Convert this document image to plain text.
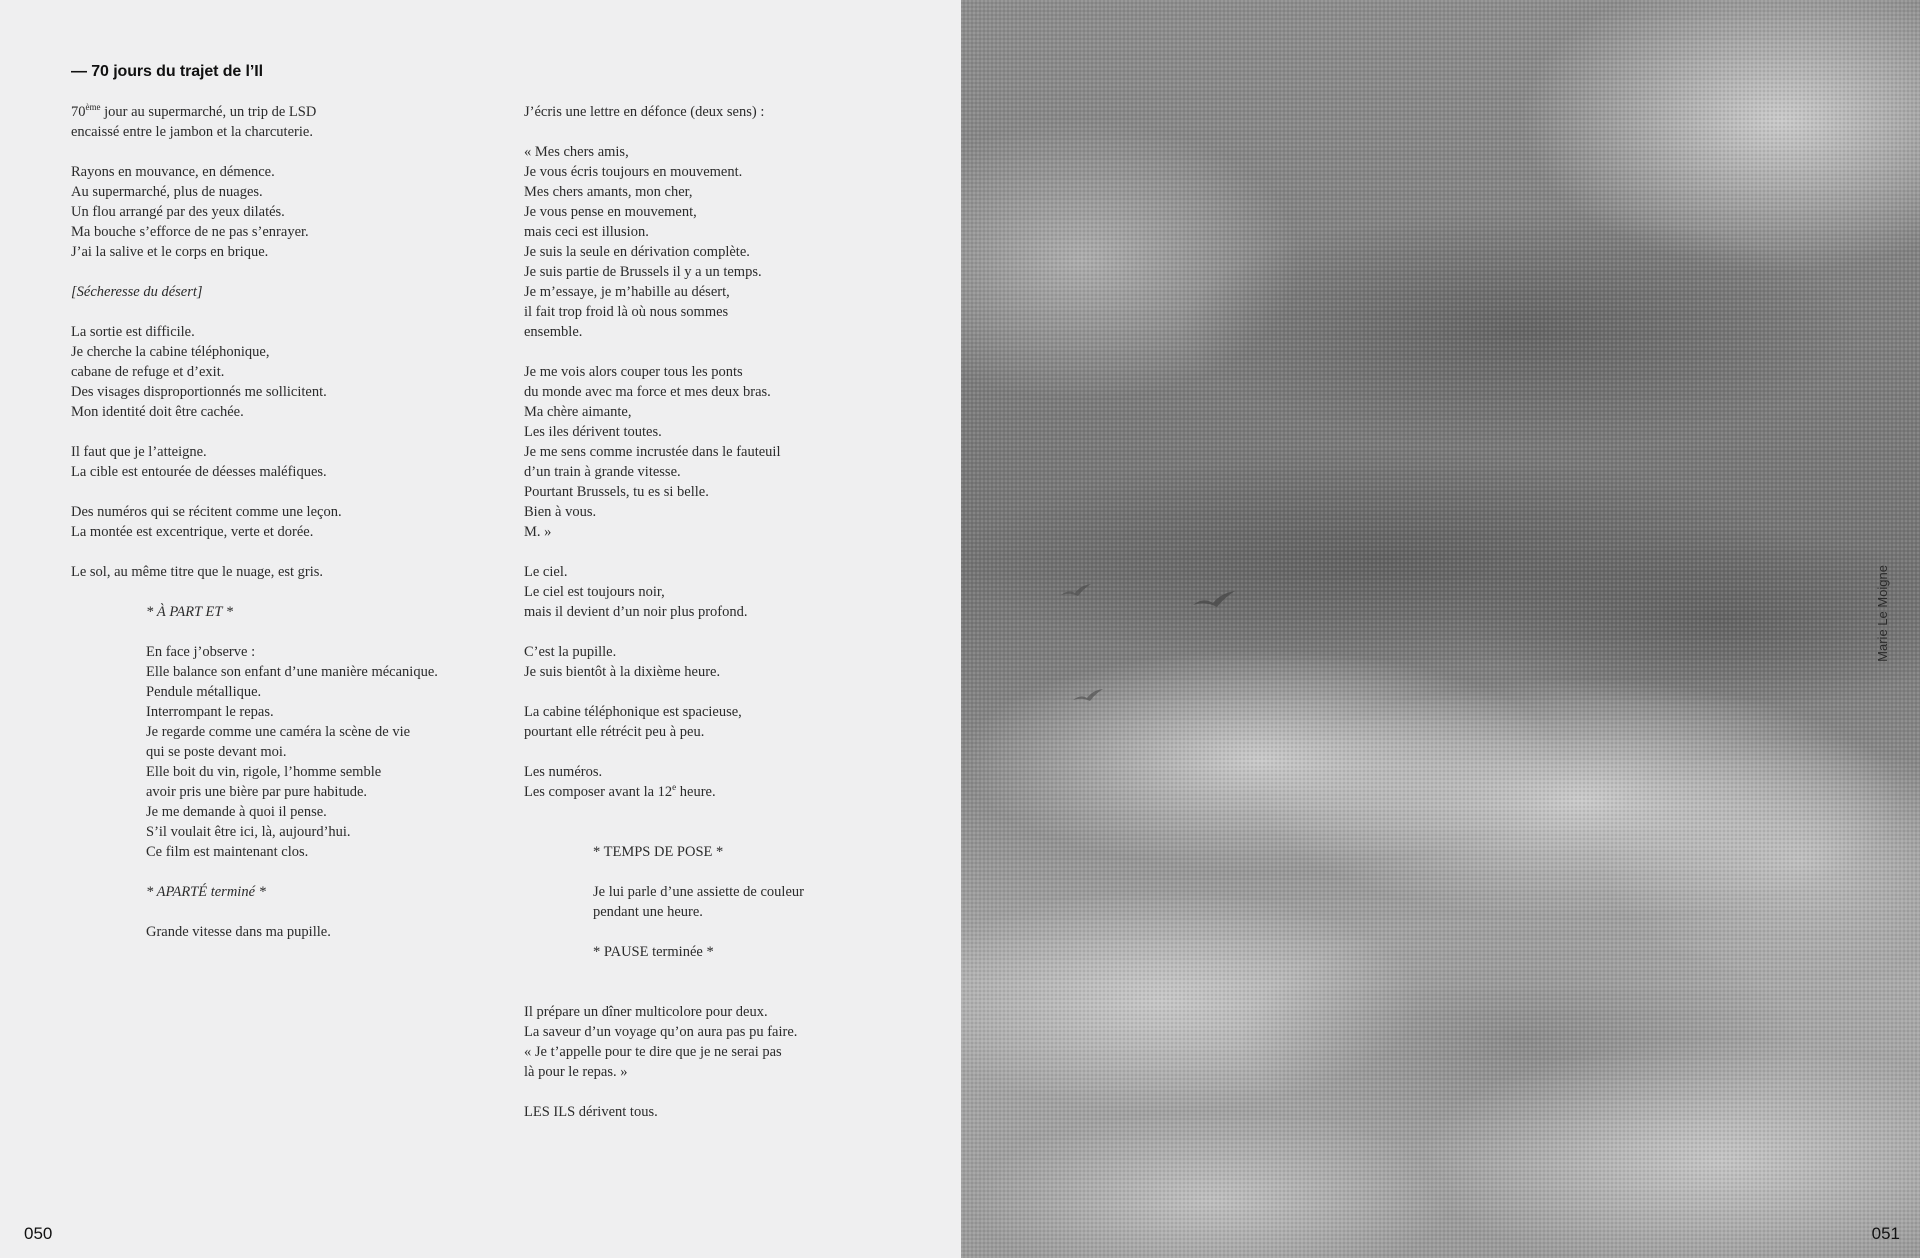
— 70 jours du trajet de l’Il
70ème jour au supermarché, un trip de LSD
encaissé entre le jambon et la charcuterie.
Rayons en mouvance, en démence.
Au supermarché, plus de nuages.
Un flou arrangé par des yeux dilatés.
Ma bouche s’efforce de ne pas s’enrayer.
J’ai la salive et le corps en brique.
[Sécheresse du désert]
La sortie est difficile.
Je cherche la cabine téléphonique,
cabane de refuge et d’exit.
Des visages disproportionnés me sollicitent.
Mon identité doit être cachée.
Il faut que je l’atteigne.
La cible est entourée de déesses maléfiques.
Des numéros qui se récitent comme une leçon.
La montée est excentrique, verte et dorée.
Le sol, au même titre que le nuage, est gris.
* À PART ET *
En face j’observe :
Elle balance son enfant d’une manière mécanique.
Pendule métallique.
Interrompant le repas.
Je regarde comme une caméra la scène de vie
qui se poste devant moi.
Elle boit du vin, rigole, l’homme semble
avoir pris une bière par pure habitude.
Je me demande à quoi il pense.
S’il voulait être ici, là, aujourd’hui.
Ce film est maintenant clos.
* APARTÉ terminé *
Grande vitesse dans ma pupille.
J’écris une lettre en défonce (deux sens) :
« Mes chers amis,
Je vous écris toujours en mouvement.
Mes chers amants, mon cher,
Je vous pense en mouvement,
mais ceci est illusion.
Je suis la seule en dérivation complète.
Je suis partie de Brussels il y a un temps.
Je m’essaye, je m’habille au désert,
il fait trop froid là où nous sommes
ensemble.
Je me vois alors couper tous les ponts
du monde avec ma force et mes deux bras.
Ma chère aimante,
Les iles dérivent toutes.
Je me sens comme incrustée dans le fauteuil
d’un train à grande vitesse.
Pourtant Brussels, tu es si belle.
Bien à vous.
M. »
Le ciel.
Le ciel est toujours noir,
mais il devient d’un noir plus profond.
C’est la pupille.
Je suis bientôt à la dixième heure.
La cabine téléphonique est spacieuse,
pourtant elle rétrécit peu à peu.
Les numéros.
Les composer avant la 12e heure.
* TEMPS DE POSE *
Je lui parle d’une assiette de couleur
pendant une heure.
* PAUSE terminée *
Il prépare un dîner multicolore pour deux.
La saveur d’un voyage qu’on aura pas pu faire.
« Je t’appelle pour te dire que je ne serai pas
là pour le repas. »
LES ILS dérivent tous.
050
Marie Le Moigne
051
